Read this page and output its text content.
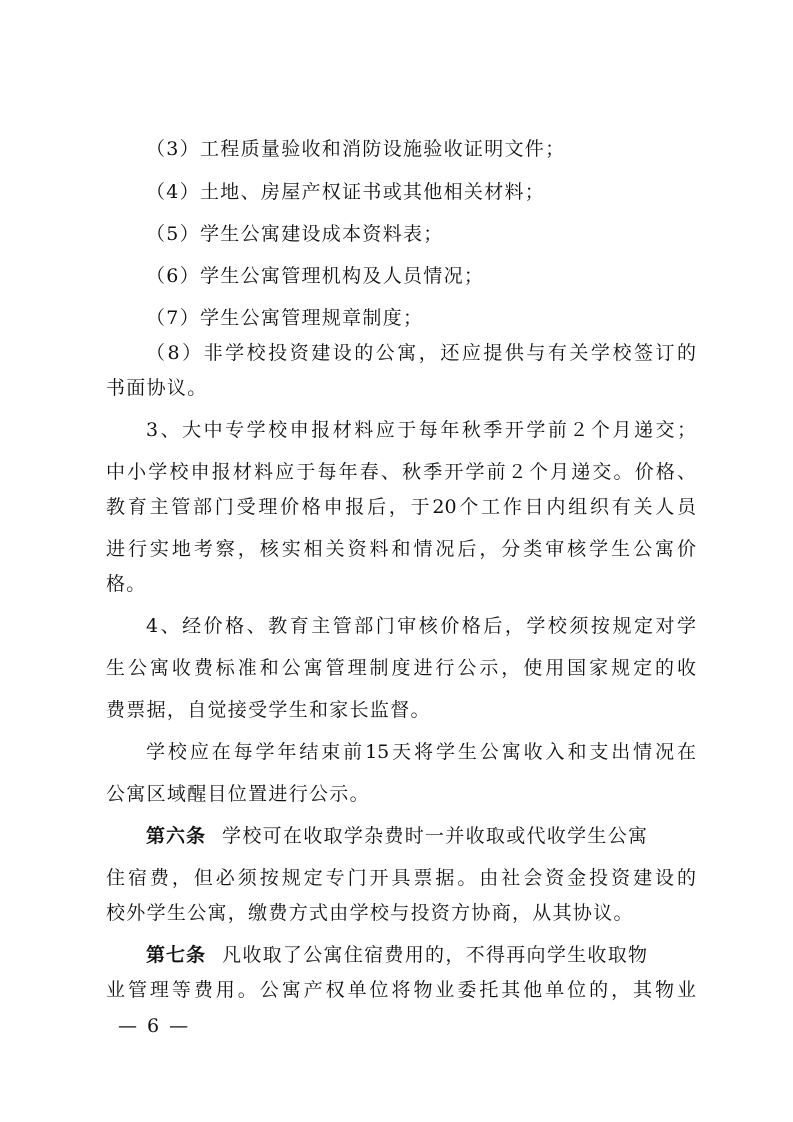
（3）工程质量验收和消防设施验收证明文件；
（4）土地、房屋产权证书或其他相关材料；
（5）学生公寓建设成本资料表；
（6）学生公寓管理机构及人员情况；
（7）学生公寓管理规章制度；
（8）非学校投资建设的公寓，还应提供与有关学校签订的
书面协议。
3、大中专学校申报材料应于每年秋季开学前２个月递交；
中小学校申报材料应于每年春、秋季开学前２个月递交。价格、
教育主管部门受理价格申报后，于20个工作日内组织有关人员
进行实地考察，核实相关资料和情况后，分类审核学生公寓价
格。
4、经价格、教育主管部门审核价格后，学校须按规定对学
生公寓收费标准和公寓管理制度进行公示，使用国家规定的收
费票据，自觉接受学生和家长监督。
学校应在每学年结束前15天将学生公寓收入和支出情况在
公寓区域醒目位置进行公示。
第六条 学校可在收取学杂费时一并收取或代收学生公寓
住宿费，但必须按规定专门开具票据。由社会资金投资建设的
校外学生公寓，缴费方式由学校与投资方协商，从其协议。
第七条 凡收取了公寓住宿费用的，不得再向学生收取物
业管理等费用。公寓产权单位将物业委托其他单位的，其物业
— 6 —
